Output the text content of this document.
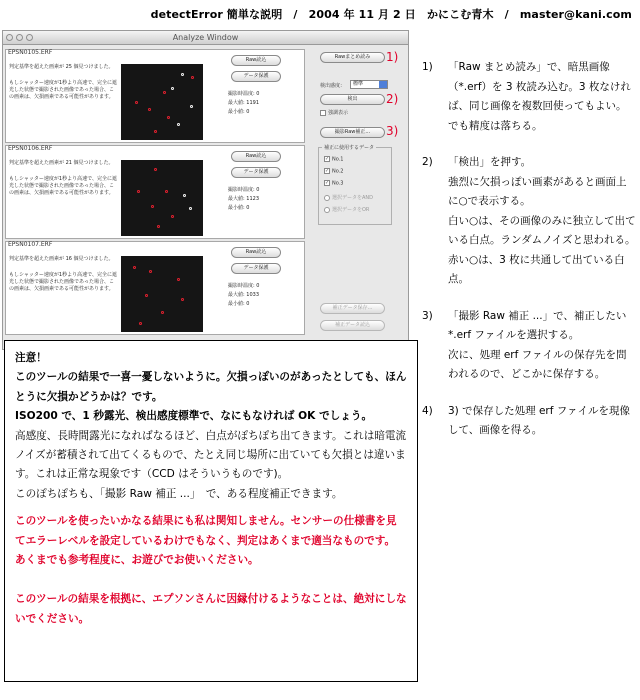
detectError 簡単な説明　/　2004 年 11 月 2 日　かにこむ青木　/　master@kani.com
Analyze Window
EPSN0105.ERF
判定基準を超えた画素が 25 個見つけました。
もしシャッター速度が1秒より高速で、完全に遮光した状態で撮影された画像であった場合、この画素は、欠損画素である可能性があります。
Raw読込
データ保護
撮影時温度: 0
最大値: 1191
最小値: 0
EPSN0106.ERF
判定基準を超えた画素が 21 個見つけました。
もしシャッター速度が1秒より高速で、完全に遮光した状態で撮影された画像であった場合、この画素は、欠損画素である可能性があります。
Raw読込
データ保護
撮影時温度: 0
最大値: 1123
最小値: 0
EPSN0107.ERF
判定基準を超えた画素が 16 個見つけました。
もしシャッター速度が1秒より高速で、完全に遮光した状態で撮影された画像であった場合、この画素は、欠損画素である可能性があります。
Raw読込
データ保護
撮影時温度: 0
最大値: 1033
最小値: 0
Rawまとめ読み
検出感度：	標準
検出
強調表示
撮影Raw補正...
補正に使用するデータ
✓ No.1
✓ No.2
✓ No.3
選択データをAND
選択データをOR
補正データ保存...
補正データ読込
1)
2)
3)
1) 「Raw まとめ読み」で、暗黒画像（*.erf）を 3 枚読み込む。3 枚なければ、同じ画像を複数回使ってもよい。でも精度は落ちる。
2) 「検出」を押す。
強烈に欠損っぽい画素があると画面上に○で表示する。
白い○は、その画像のみに独立して出ている白点。ランダムノイズと思われる。
赤い○は、3 枚に共通して出ている白点。
3) 「撮影 Raw 補正 ...」で、補正したい *.erf ファイルを選択する。
次に、処理 erf ファイルの保存先を問われるので、どこかに保存する。
4) 3) で保存した処理 erf ファイルを現像して、画像を得る。

注意！

このツールの結果で一喜一憂しないように。欠損っぽいのがあったとしても、ほんとうに欠損かどうかは？です。

ISO200 で、1 秒露光、検出感度標準で、なにもなければ OK でしょう。

高感度、長時間露光になればなるほど、白点がぽちぽち出てきます。これは暗電流ノイズが蓄積されて出てくるもので、たとえ同じ場所に出ていても欠損とは違います。これは正常な現象です（CCD はそういうものです)。

このぽちぽちも、「撮影 Raw 補正 ...」　で、ある程度補正できます。

このツールを使ったいかなる結果にも私は関知しません。センサーの仕様書を見てエラーレベルを設定しているわけでもなく、判定はあくまで適当なものです。

あくまでも参考程度に、お遊びでお使いください。

このツールの結果を根拠に、エプソンさんに因縁付けるようなことは、絶対にしないでください。
